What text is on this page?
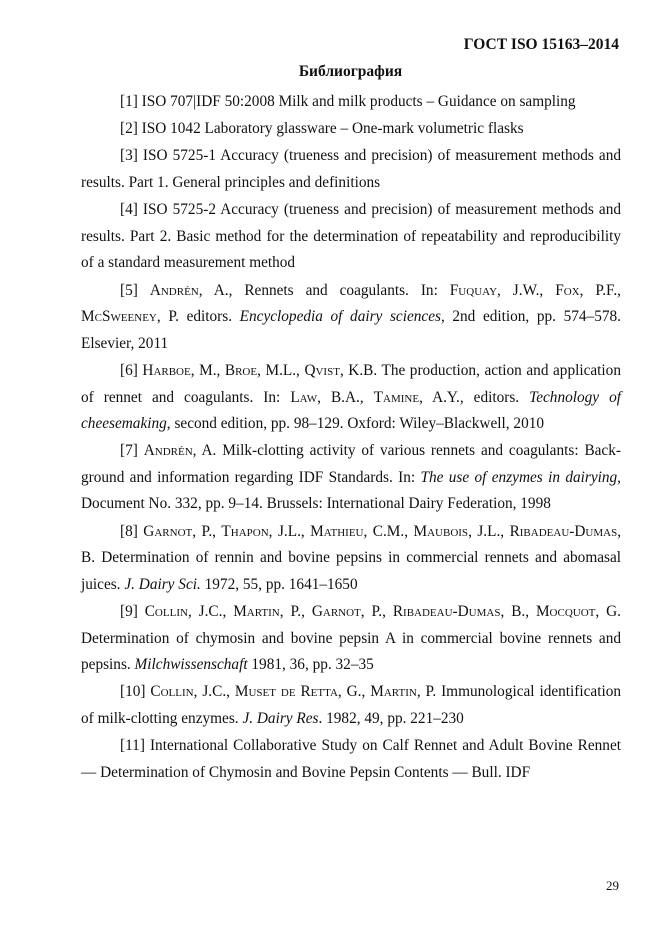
ГОСТ ISO 15163–2014
Библиография

[1] ISO 707|IDF 50:2008 Milk and milk products – Guidance on sampling

[2] ISO 1042 Laboratory glassware – One-mark volumetric flasks

[3] ISO 5725-1 Accuracy (trueness and precision) of measurement methods and results. Part 1. General principles and definitions

[4] ISO 5725-2 Accuracy (trueness and precision) of measurement methods and results. Part 2. Basic method for the determination of repeatability and reproducibility of a standard measurement method

[5] Andrén, A., Rennets and coagulants. In: Fuquay, J.W., Fox, P.F., McSweeney, P. editors. Encyclopedia of dairy sciences, 2nd edition, pp. 574–578. Elsevier, 2011

[6] Harboe, M., Broe, M.L., Qvist, K.B. The production, action and application of rennet and coagulants. In: Law, B.A., Tamine, A.Y., editors. Technology of cheesemaking, second edition, pp. 98–129. Oxford: Wiley–Blackwell, 2010

[7] Andrén, A. Milk-clotting activity of various rennets and coagulants: Background and information regarding IDF Standards. In: The use of enzymes in dairying, Document No. 332, pp. 9–14. Brussels: International Dairy Federation, 1998

[8] Garnot, P., Thapon, J.L., Mathieu, C.M., Maubois, J.L., Ribadeau-Dumas, B. Determination of rennin and bovine pepsins in commercial rennets and abomasal juices. J. Dairy Sci. 1972, 55, pp. 1641–1650

[9] Collin, J.C., Martin, P., Garnot, P., Ribadeau-Dumas, B., Mocquot, G. Determination of chymosin and bovine pepsin A in commercial bovine rennets and pepsins. Milchwissenschaft 1981, 36, pp. 32–35

[10] Collin, J.C., Muset de Retta, G., Martin, P. Immunological identification of milk-clotting enzymes. J. Dairy Res. 1982, 49, pp. 221–230

[11] International Collaborative Study on Calf Rennet and Adult Bovine Rennet — Determination of Chymosin and Bovine Pepsin Contents — Bull. IDF

29
